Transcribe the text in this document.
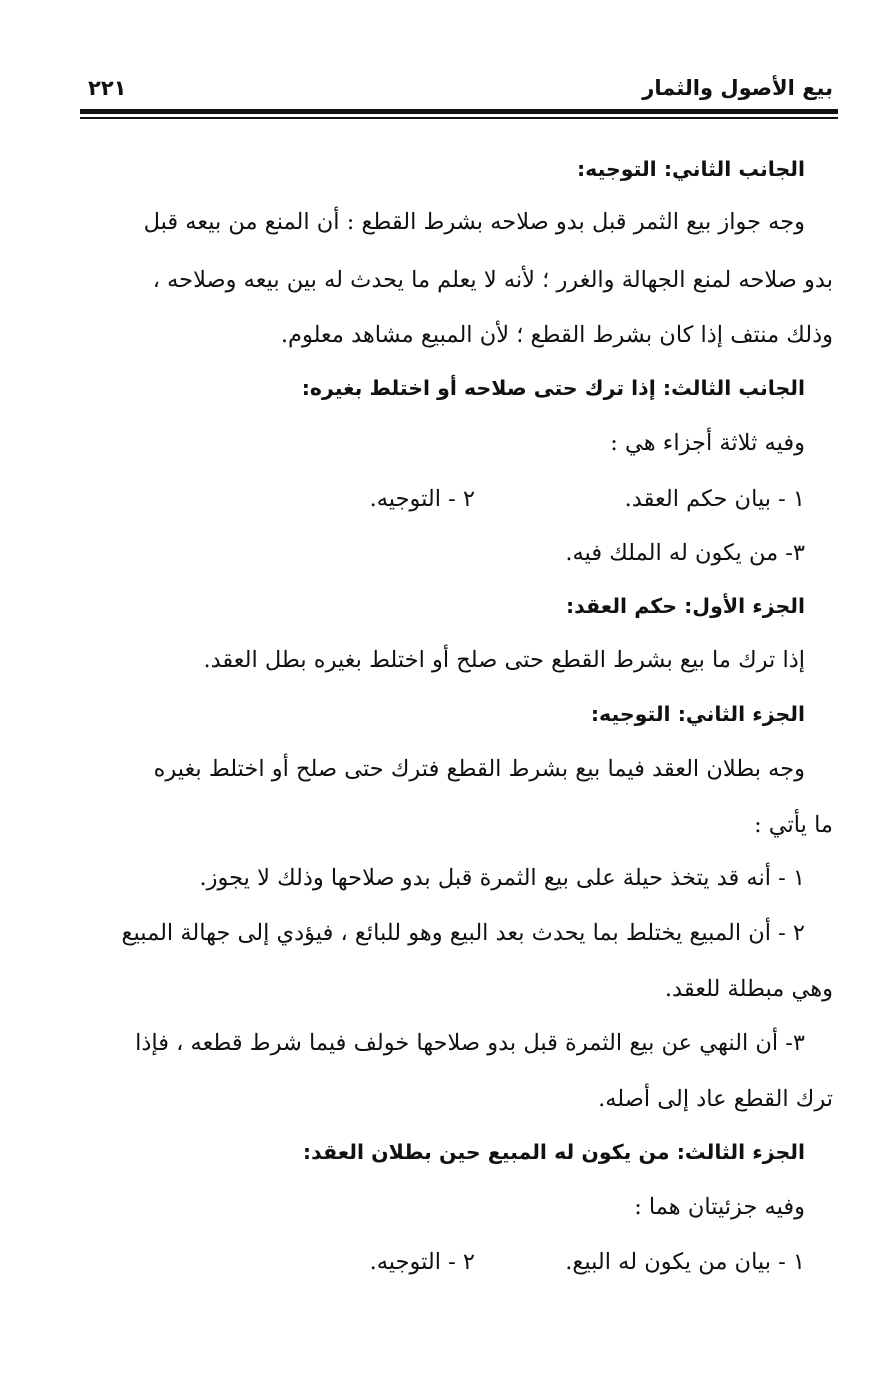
بيع الأصول والثمار
٢٢١
الجانب الثاني: التوجيه:
وجه جواز بيع الثمر قبل بدو صلاحه بشرط القطع : أن المنع من بيعه قبل
بدو صلاحه لمنع الجهالة والغرر ؛ لأنه لا يعلم ما يحدث له بين بيعه وصلاحه ،
وذلك منتف إذا كان بشرط القطع ؛ لأن المبيع مشاهد معلوم.
الجانب الثالث: إذا ترك حتى صلاحه أو اختلط بغيره:
وفيه ثلاثة أجزاء هي :
١ - بيان حكم العقد.
٢ - التوجيه.
٣- من يكون له الملك فيه.
الجزء الأول: حكم العقد:
إذا ترك ما بيع بشرط القطع حتى صلح أو اختلط بغيره بطل العقد.
الجزء الثاني: التوجيه:
وجه بطلان العقد فيما بيع بشرط القطع فترك حتى صلح أو اختلط بغيره
ما يأتي :
١ - أنه قد يتخذ حيلة على بيع الثمرة قبل بدو صلاحها وذلك لا يجوز.
٢ - أن المبيع يختلط بما يحدث بعد البيع وهو للبائع ، فيؤدي إلى جهالة المبيع
وهي مبطلة للعقد.
٣- أن النهي عن بيع الثمرة قبل بدو صلاحها خولف فيما شرط قطعه ، فإذا
ترك القطع عاد إلى أصله.
الجزء الثالث: من يكون له المبيع حين بطلان العقد:
وفيه جزئيتان هما :
١ - بيان من يكون له البيع.
٢ - التوجيه.
